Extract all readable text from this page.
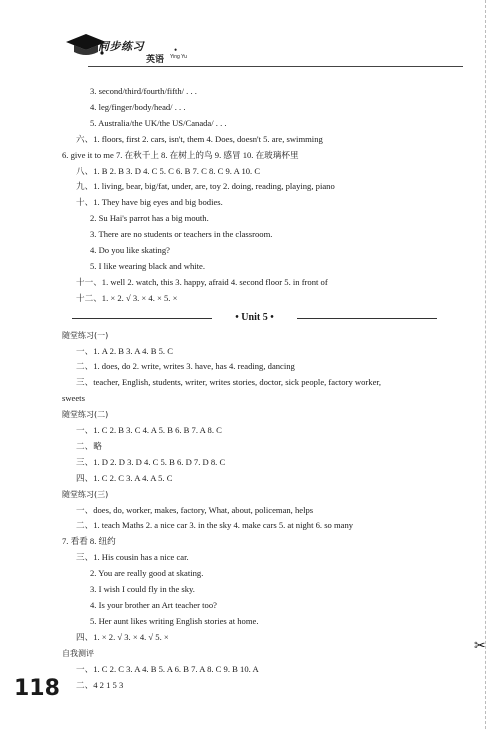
同步练习	•
英语 Ying Yu
3. second/third/fourth/fifth/ . . .
4. leg/finger/body/head/ . . .
5. Australia/the UK/the US/Canada/ . . .
六、1. floors, first 2. cars, isn't, them 4. Does, doesn't 5. are, swimming
6. give it to me 7. 在秋千上 8. 在树上的鸟 9. 感冒 10. 在玻璃杯里
八、1. B 2. B 3. D 4. C 5. C 6. B 7. C 8. C 9. A 10. C
九、1. living, bear, big/fat, under, are, toy 2. doing, reading, playing, piano
十、1. They have big eyes and big bodies.
2. Su Hai's parrot has a big mouth.
3. There are no students or teachers in the classroom.
4. Do you like skating?
5. I like wearing black and white.
十一、1. well 2. watch, this 3. happy, afraid 4. second floor 5. in front of
十二、1. × 2. √ 3. × 4. × 5. ×
• Unit 5 •
随堂练习(一)
一、1. A 2. B 3. A 4. B 5. C
二、1. does, do 2. write, writes 3. have, has 4. reading, dancing
三、teacher, English, students, writer, writes stories, doctor, sick people, factory worker,
sweets
随堂练习(二)
一、1. C 2. B 3. C 4. A 5. B 6. B 7. A 8. C
二、略
三、1. D 2. D 3. D 4. C 5. B 6. D 7. D 8. C
四、1. C 2. C 3. A 4. A 5. C
随堂练习(三)
一、does, do, worker, makes, factory, What, about, policeman, helps
二、1. teach Maths 2. a nice car 3. in the sky 4. make cars 5. at night 6. so many
7. 看看 8. 纽约
三、1. His cousin has a nice car.
2. You are really good at skating.
3. I wish I could fly in the sky.
4. Is your brother an Art teacher too?
5. Her aunt likes writing English stories at home.
四、1. × 2. √ 3. × 4. √ 5. ×
自我测评
一、1. C 2. C 3. A 4. B 5. A 6. B 7. A 8. C 9. B 10. A
二、4 2 1 5 3
118
✂
